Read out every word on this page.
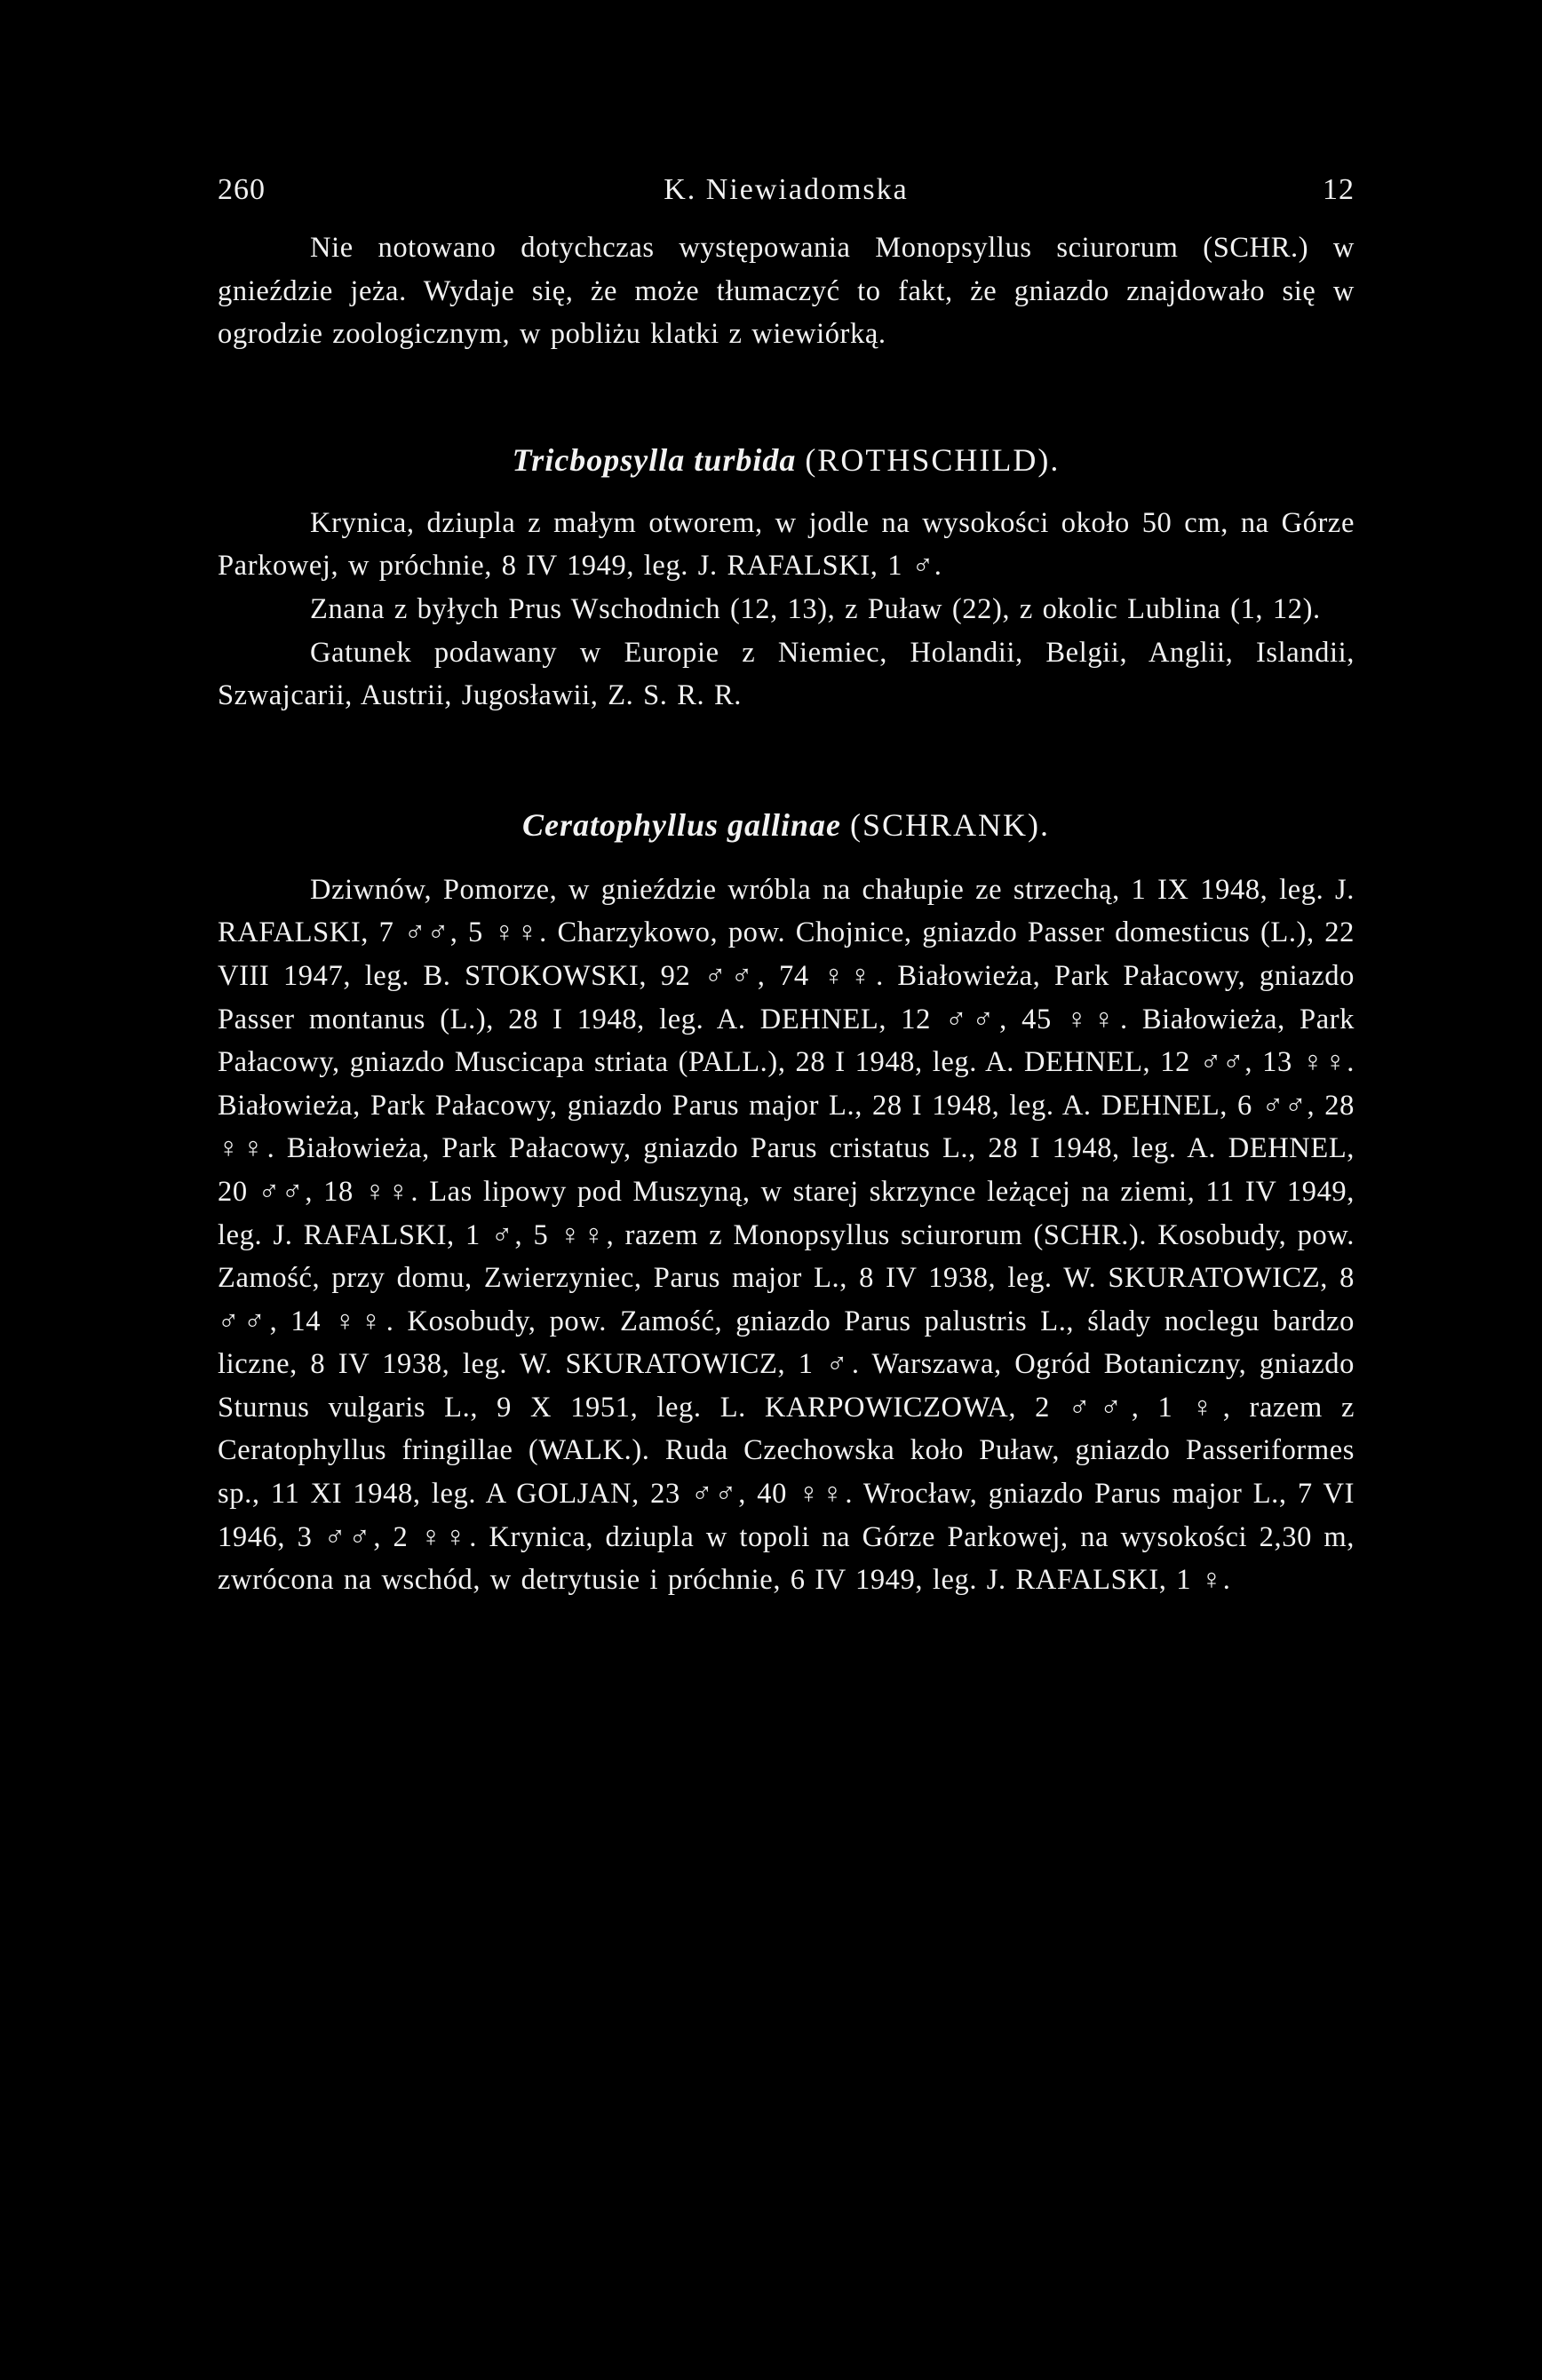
260	K. Niewiadomska	12

Nie notowano dotychczas występowania Monopsyllus sciurorum (SCHR.) w gnieździe jeża. Wydaje się, że może tłumaczyć to fakt, że gniazdo znajdowało się w ogrodzie zoologicznym, w pobliżu klatki z wiewiórką.

Tricbopsylla turbida (ROTHSCHILD).

Krynica, dziupla z małym otworem, w jodle na wysokości około 50 cm, na Górze Parkowej, w próchnie, 8 IV 1949, leg. J. RAFALSKI, 1 ♂.

Znana z byłych Prus Wschodnich (12, 13), z Puław (22), z okolic Lublina (1, 12).

Gatunek podawany w Europie z Niemiec, Holandii, Belgii, Anglii, Islandii, Szwajcarii, Austrii, Jugosławii, Z. S. R. R.

Ceratophyllus gallinae (SCHRANK).

Dziwnów, Pomorze, w gnieździe wróbla na chałupie ze strzechą, 1 IX 1948, leg. J. RAFALSKI, 7 ♂♂, 5 ♀♀. Charzykowo, pow. Chojnice, gniazdo Passer domesticus (L.), 22 VIII 1947, leg. B. STOKOWSKI, 92 ♂♂, 74 ♀♀. Białowieża, Park Pałacowy, gniazdo Passer montanus (L.), 28 I 1948, leg. A. DEHNEL, 12 ♂♂, 45 ♀♀. Białowieża, Park Pałacowy, gniazdo Muscicapa striata (PALL.), 28 I 1948, leg. A. DEHNEL, 12 ♂♂, 13 ♀♀. Białowieża, Park Pałacowy, gniazdo Parus major L., 28 I 1948, leg. A. DEHNEL, 6 ♂♂, 28 ♀♀. Białowieża, Park Pałacowy, gniazdo Parus cristatus L., 28 I 1948, leg. A. DEHNEL, 20 ♂♂, 18 ♀♀. Las lipowy pod Muszyną, w starej skrzynce leżącej na ziemi, 11 IV 1949, leg. J. RAFALSKI, 1 ♂, 5 ♀♀, razem z Monopsyllus sciurorum (SCHR.). Kosobudy, pow. Zamość, przy domu, Zwierzyniec, Parus major L., 8 IV 1938, leg. W. SKURATOWICZ, 8 ♂♂, 14 ♀♀. Kosobudy, pow. Zamość, gniazdo Parus palustris L., ślady noclegu bardzo liczne, 8 IV 1938, leg. W. SKURATOWICZ, 1 ♂. Warszawa, Ogród Botaniczny, gniazdo Sturnus vulgaris L., 9 X 1951, leg. L. KARPOWICZOWA, 2 ♂♂, 1 ♀, razem z Ceratophyllus fringillae (WALK.). Ruda Czechowska koło Puław, gniazdo Passeriformes sp., 11 XI 1948, leg. A GOLJAN, 23 ♂♂, 40 ♀♀. Wrocław, gniazdo Parus major L., 7 VI 1946, 3 ♂♂, 2 ♀♀. Krynica, dziupla w topoli na Górze Parkowej, na wysokości 2,30 m, zwrócona na wschód, w detrytusie i próchnie, 6 IV 1949, leg. J. RAFALSKI, 1 ♀.
